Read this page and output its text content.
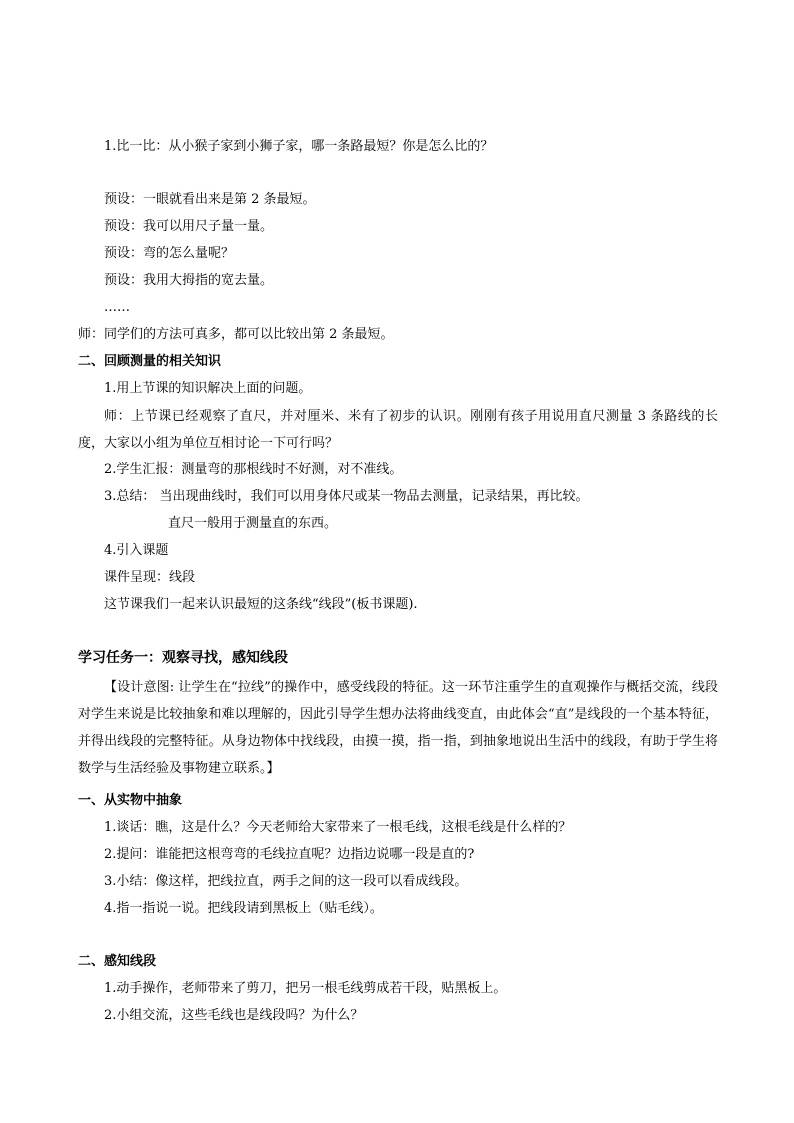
1.比一比：从小猴子家到小狮子家，哪一条路最短？你是怎么比的？
预设：一眼就看出来是第 2 条最短。
预设：我可以用尺子量一量。
预设：弯的怎么量呢？
预设：我用大拇指的宽去量。
……
师：同学们的方法可真多，都可以比较出第 2 条最短。
二、回顾测量的相关知识
1.用上节课的知识解决上面的问题。
师：上节课已经观察了直尺，并对厘米、米有了初步的认识。刚刚有孩子用说用直尺测量 3 条路线的长度，大家以小组为单位互相讨论一下可行吗？
2.学生汇报：测量弯的那根线时不好测，对不准线。
3.总结： 当出现曲线时，我们可以用身体尺或某一物品去测量，记录结果，再比较。
直尺一般用于测量直的东西。
4.引入课题
课件呈现：线段
这节课我们一起来认识最短的这条线“线段”(板书课题).
学习任务一：观察寻找，感知线段
【设计意图: 让学生在“拉线”的操作中，感受线段的特征。这一环节注重学生的直观操作与概括交流，线段对学生来说是比较抽象和难以理解的，因此引导学生想办法将曲线变直，由此体会“直”是线段的一个基本特征，并得出线段的完整特征。从身边物体中找线段，由摸一摸，指一指，到抽象地说出生活中的线段，有助于学生将数学与生活经验及事物建立联系。】
一、从实物中抽象
1.谈话：瞧，这是什么？今天老师给大家带来了一根毛线，这根毛线是什么样的？
2.提问：谁能把这根弯弯的毛线拉直呢？边指边说哪一段是直的?
3.小结：像这样，把线拉直，两手之间的这一段可以看成线段。
4.指一指说一说。把线段请到黑板上（贴毛线）。
二、感知线段
1.动手操作，老师带来了剪刀，把另一根毛线剪成若干段，贴黑板上。
2.小组交流，这些毛线也是线段吗？为什么？
